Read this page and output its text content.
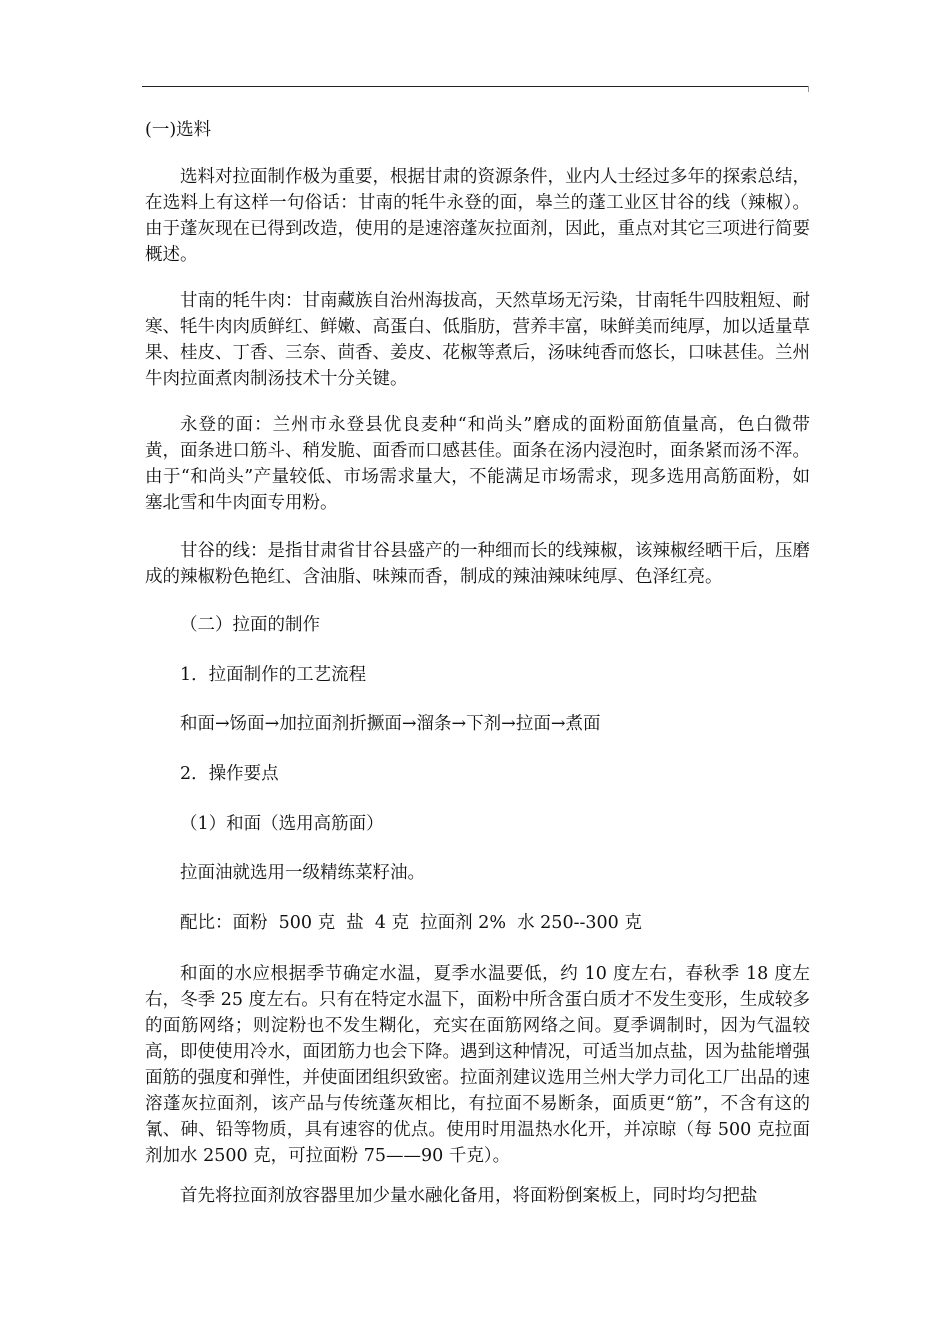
(一)选料

选料对拉面制作极为重要，根据甘肃的资源条件，业内人士经过多年的探索总结，在选料上有这样一句俗话：甘南的牦牛永登的面，皋兰的蓬工业区甘谷的线（辣椒）。由于蓬灰现在已得到改造，使用的是速溶蓬灰拉面剂，因此，重点对其它三项进行简要概述。

甘南的牦牛肉：甘南藏族自治州海拔高，天然草场无污染，甘南牦牛四肢粗短、耐寒、牦牛肉肉质鲜红、鲜嫩、高蛋白、低脂肪，营养丰富，味鲜美而纯厚，加以适量草果、桂皮、丁香、三奈、茴香、姜皮、花椒等煮后，汤味纯香而悠长，口味甚佳。兰州牛肉拉面煮肉制汤技术十分关键。

永登的面：兰州市永登县优良麦种“和尚头”磨成的面粉面筋值量高，色白微带黄，面条进口筋斗、稍发脆、面香而口感甚佳。面条在汤内浸泡时，面条紧而汤不浑。由于“和尚头”产量较低、市场需求量大，不能满足市场需求，现多选用高筋面粉，如塞北雪和牛肉面专用粉。

甘谷的线：是指甘肃省甘谷县盛产的一种细而长的线辣椒，该辣椒经晒干后，压磨成的辣椒粉色艳红、含油脂、味辣而香，制成的辣油辣味纯厚、色泽红亮。

（二）拉面的制作

1．拉面制作的工艺流程

和面→饧面→加拉面剂折撅面→溜条→下剂→拉面→煮面

2．操作要点

（1）和面（选用高筋面）

拉面油就选用一级精练菜籽油。

配比：面粉  500 克  盐  4 克  拉面剂 2%  水 250--300 克

和面的水应根据季节确定水温，夏季水温要低，约 10 度左右，春秋季 18 度左右，冬季 25 度左右。只有在特定水温下，面粉中所含蛋白质才不发生变形，生成较多的面筋网络；则淀粉也不发生糊化，充实在面筋网络之间。夏季调制时，因为气温较高，即使使用冷水，面团筋力也会下降。遇到这种情况，可适当加点盐，因为盐能增强面筋的强度和弹性，并使面团组织致密。拉面剂建议选用兰州大学力司化工厂出品的速溶蓬灰拉面剂，该产品与传统蓬灰相比，有拉面不易断条，面质更“筋”，不含有这的氰、砷、铅等物质，具有速容的优点。使用时用温热水化开，并凉晾（每 500 克拉面剂加水 2500 克，可拉面粉 75——90 千克）。

首先将拉面剂放容器里加少量水融化备用，将面粉倒案板上，同时均匀把盐
